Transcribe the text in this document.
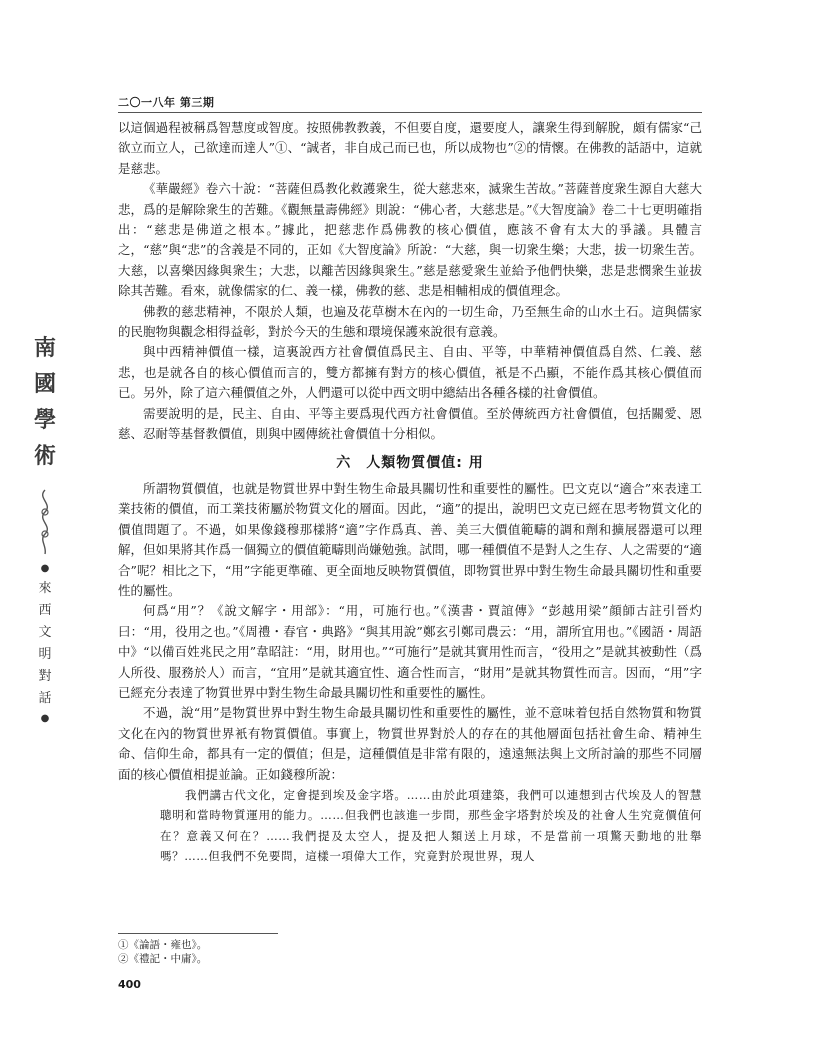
二〇一八年 第三期
南
國
學
術
●
來
西
文
明
對
話
●

以這個過程被稱爲智慧度或智度。按照佛教教義，不但要自度，還要度人，讓衆生得到解脫，頗有儒家“己欲立而立人，己欲達而達人”①、“誠者，非自成己而已也，所以成物也”②的情懷。在佛教的話語中，這就是慈悲。

《華嚴經》卷六十說：“菩薩但爲教化救護衆生，從大慈悲來，滅衆生苦故。”菩薩普度衆生源自大慈大悲，爲的是解除衆生的苦難。《觀無量壽佛經》則說：“佛心者，大慈悲是。”《大智度論》卷二十七更明確指出：“慈悲是佛道之根本。”據此，把慈悲作爲佛教的核心價值，應該不會有太大的爭議。具體言之，“慈”與“悲”的含義是不同的，正如《大智度論》所說：“大慈，與一切衆生樂；大悲，拔一切衆生苦。大慈，以喜樂因緣與衆生；大悲，以離苦因緣與衆生。”慈是慈愛衆生並給予他們快樂，悲是悲憫衆生並拔除其苦難。看來，就像儒家的仁、義一樣，佛教的慈、悲是相輔相成的價值理念。

佛教的慈悲精神，不限於人類，也遍及花草樹木在內的一切生命，乃至無生命的山水土石。這與儒家的民胞物與觀念相得益彰，對於今天的生態和環境保護來說很有意義。

與中西精神價值一樣，這裏說西方社會價值爲民主、自由、平等，中華精神價值爲自然、仁義、慈悲，也是就各自的核心價值而言的，雙方都擁有對方的核心價值，衹是不凸顯，不能作爲其核心價值而已。另外，除了這六種價值之外，人們還可以從中西文明中總結出各種各樣的社會價值。

需要說明的是，民主、自由、平等主要爲現代西方社會價值。至於傳統西方社會價值，包括關愛、恩慈、忍耐等基督教價值，則與中國傳統社會價值十分相似。

六　人類物質價值: 用

所謂物質價值，也就是物質世界中對生物生命最具關切性和重要性的屬性。巴文克以“適合”來表達工業技術的價值，而工業技術屬於物質文化的層面。因此，“適”的提出，說明巴文克已經在思考物質文化的價值問題了。不過，如果像錢穆那樣將“適”字作爲真、善、美三大價值範疇的調和劑和擴展器還可以理解，但如果將其作爲一個獨立的價值範疇則尚嫌勉強。試問，哪一種價值不是對人之生存、人之需要的“適合”呢？相比之下，“用”字能更準確、更全面地反映物質價值，即物質世界中對生物生命最具關切性和重要性的屬性。

何爲“用”？《說文解字・用部》：“用，可施行也。”《漢書・賈誼傳》“彭越用梁”顔師古註引晉灼曰：“用，役用之也。”《周禮・春官・典路》“與其用說”鄭玄引鄭司農云：“用，謂所宜用也。”《國語・周語中》“以備百姓兆民之用”韋昭註：“用，財用也。”“可施行”是就其實用性而言，“役用之”是就其被動性（爲人所役、服務於人）而言，“宜用”是就其適宜性、適合性而言，“財用”是就其物質性而言。因而，“用”字已經充分表達了物質世界中對生物生命最具關切性和重要性的屬性。

不過，說“用”是物質世界中對生物生命最具關切性和重要性的屬性，並不意味着包括自然物質和物質文化在內的物質世界衹有物質價值。事實上，物質世界對於人的存在的其他層面包括社會生命、精神生命、信仰生命，都具有一定的價值；但是，這種價值是非常有限的，遠遠無法與上文所討論的那些不同層面的核心價值相提並論。正如錢穆所說：

我們講古代文化，定會提到埃及金字塔。……由於此項建築，我們可以連想到古代埃及人的智慧聰明和當時物質運用的能力。……但我們也該進一步問，那些金字塔對於埃及的社會人生究竟價值何在？意義又何在？……我們提及太空人，提及把人類送上月球，不是當前一項驚天動地的壯舉嗎？……但我們不免要問，這樣一項偉大工作，究竟對於現世界，現人

①《論語・雍也》。
②《禮記・中庸》。
400
